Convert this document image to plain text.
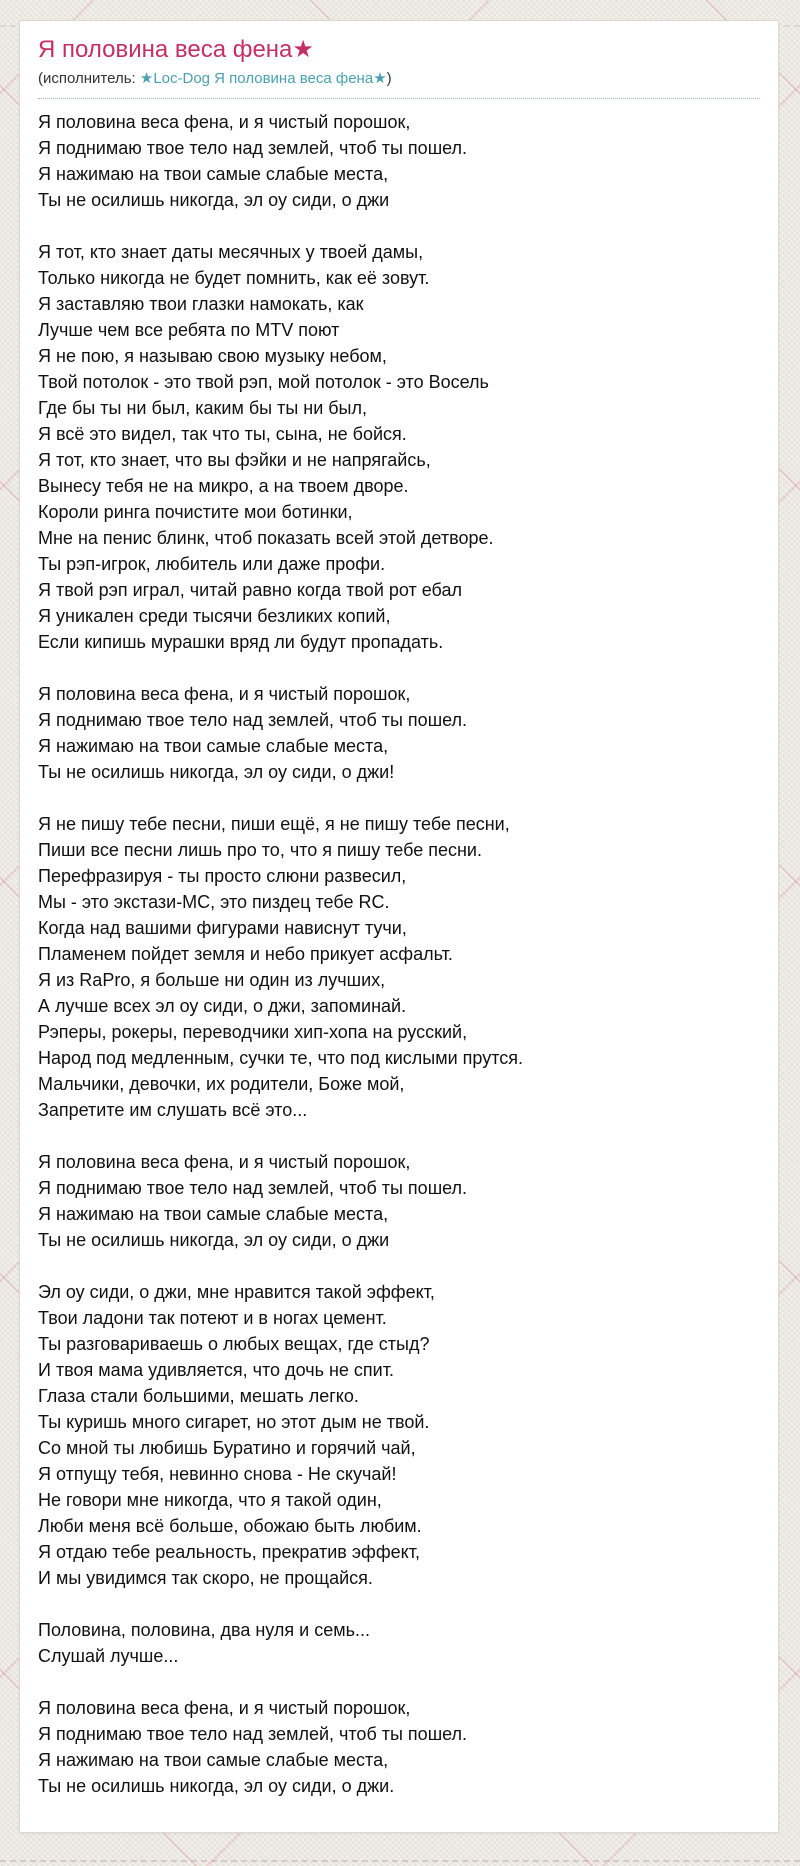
Я половина веса фена★
(исполнитель: ★Loc-Dog Я половина веса фена★)
Я половина веса фена, и я чистый порошок,
Я поднимаю твое тело над землей, чтоб ты пошел.
Я нажимаю на твои самые слабые места,
Ты не осилишь никогда, эл оу сиди, о джи
Я тот, кто знает даты месячных у твоей дамы,
Только никогда не будет помнить, как её зовут.
Я заставляю твои глазки намокать, как
Лучше чем все ребята по MTV поют
Я не пою, я называю свою музыку небом,
Твой потолок - это твой рэп, мой потолок - это Восель
Где бы ты ни был, каким бы ты ни был,
Я всё это видел, так что ты, сына, не бойся.
Я тот, кто знает, что вы фэйки и не напрягайсь,
Вынесу тебя не на микро, а на твоем дворе.
Короли ринга почистите мои ботинки,
Мне на пенис блинк, чтоб показать всей этой детворе.
Ты рэп-игрок, любитель или даже профи.
Я твой рэп играл, читай равно когда твой рот ебал
Я уникален среди тысячи безликих копий,
Если кипишь мурашки вряд ли будут пропадать.
Я половина веса фена, и я чистый порошок,
Я поднимаю твое тело над землей, чтоб ты пошел.
Я нажимаю на твои самые слабые места,
Ты не осилишь никогда, эл оу сиди, о джи!
Я не пишу тебе песни, пиши ещё, я не пишу тебе песни,
Пиши все песни лишь про то, что я пишу тебе песни.
Перефразируя - ты просто слюни развесил,
Мы - это экстази-МС, это пиздец тебе RC.
Когда над вашими фигурами нависнут тучи,
Пламенем пойдет земля и небо прикует асфальт.
Я из RaPro, я больше ни один из лучших,
А лучше всех эл оу сиди, о джи, запоминай.
Рэперы, рокеры, переводчики хип-хопа на русский,
Народ под медленным, сучки те, что под кислыми прутся.
Мальчики, девочки, их родители, Боже мой,
Запретите им слушать всё это...
Я половина веса фена, и я чистый порошок,
Я поднимаю твое тело над землей, чтоб ты пошел.
Я нажимаю на твои самые слабые места,
Ты не осилишь никогда, эл оу сиди, о джи
Эл оу сиди, о джи, мне нравится такой эффект,
Твои ладони так потеют и в ногах цемент.
Ты разговариваешь о любых вещах, где стыд?
И твоя мама удивляется, что дочь не спит.
Глаза стали большими, мешать легко.
Ты куришь много сигарет, но этот дым не твой.
Со мной ты любишь Буратино и горячий чай,
Я отпущу тебя, невинно снова - Не скучай!
Не говори мне никогда, что я такой один,
Люби меня всё больше, обожаю быть любим.
Я отдаю тебе реальность, прекратив эффект,
И мы увидимся так скоро, не прощайся.
Половина, половина, два нуля и семь...
Слушай лучше...
Я половина веса фена, и я чистый порошок,
Я поднимаю твое тело над землей, чтоб ты пошел.
Я нажимаю на твои самые слабые места,
Ты не осилишь никогда, эл оу сиди, о джи.
